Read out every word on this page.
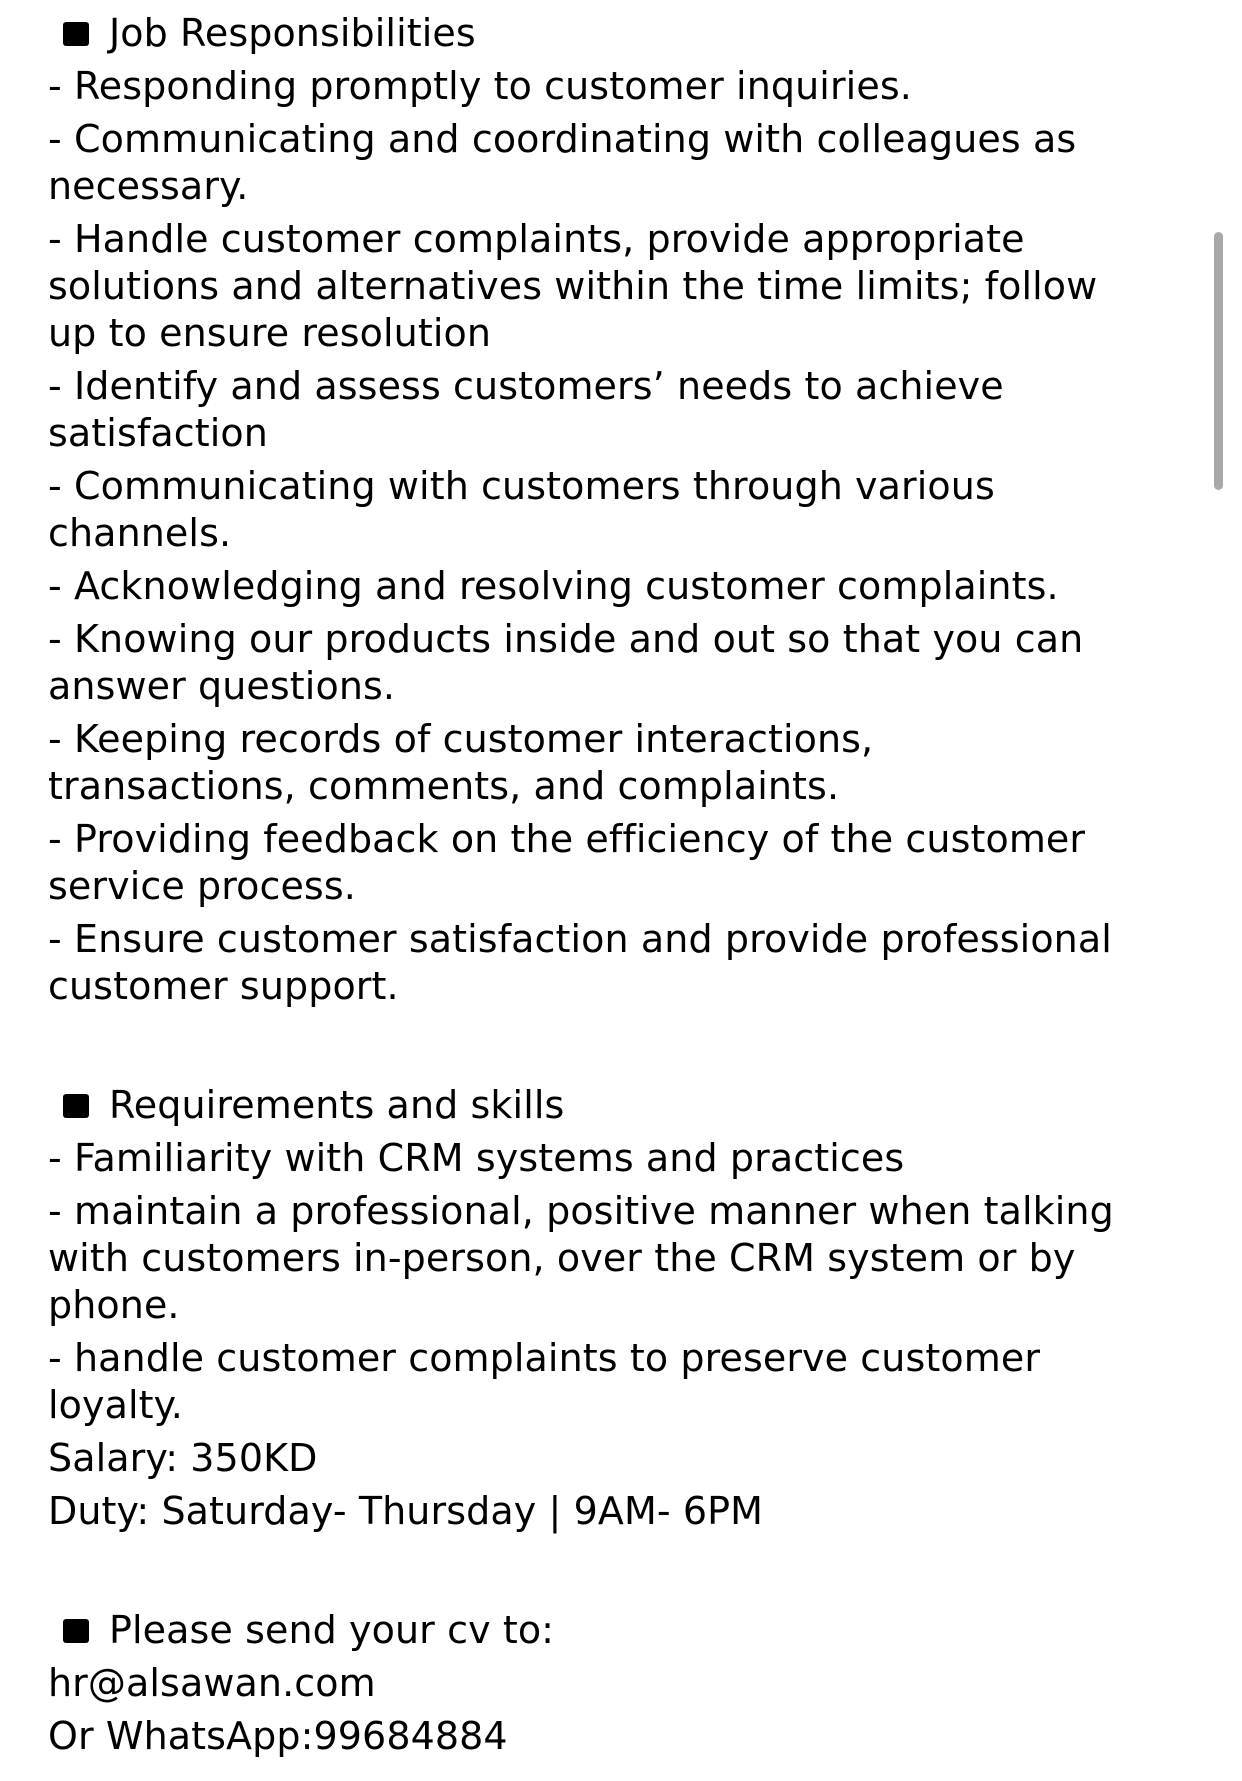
Job Responsibilities
- Responding promptly to customer inquiries.
- Communicating and coordinating with colleagues as
necessary.
- Handle customer complaints, provide appropriate
solutions and alternatives within the time limits; follow
up to ensure resolution
- Identify and assess customers’ needs to achieve
satisfaction
- Communicating with customers through various
channels.
- Acknowledging and resolving customer complaints.
- Knowing our products inside and out so that you can
answer questions.
- Keeping records of customer interactions,
transactions, comments, and complaints.
- Providing feedback on the efficiency of the customer
service process.
- Ensure customer satisfaction and provide professional
customer support.
Requirements and skills
- Familiarity with CRM systems and practices
- maintain a professional, positive manner when talking
with customers in-person, over the CRM system or by
phone.
- handle customer complaints to preserve customer
loyalty.
Salary: 350KD
Duty: Saturday- Thursday | 9AM- 6PM
Please send your cv to:
hr@alsawan.com
Or WhatsApp:99684884
